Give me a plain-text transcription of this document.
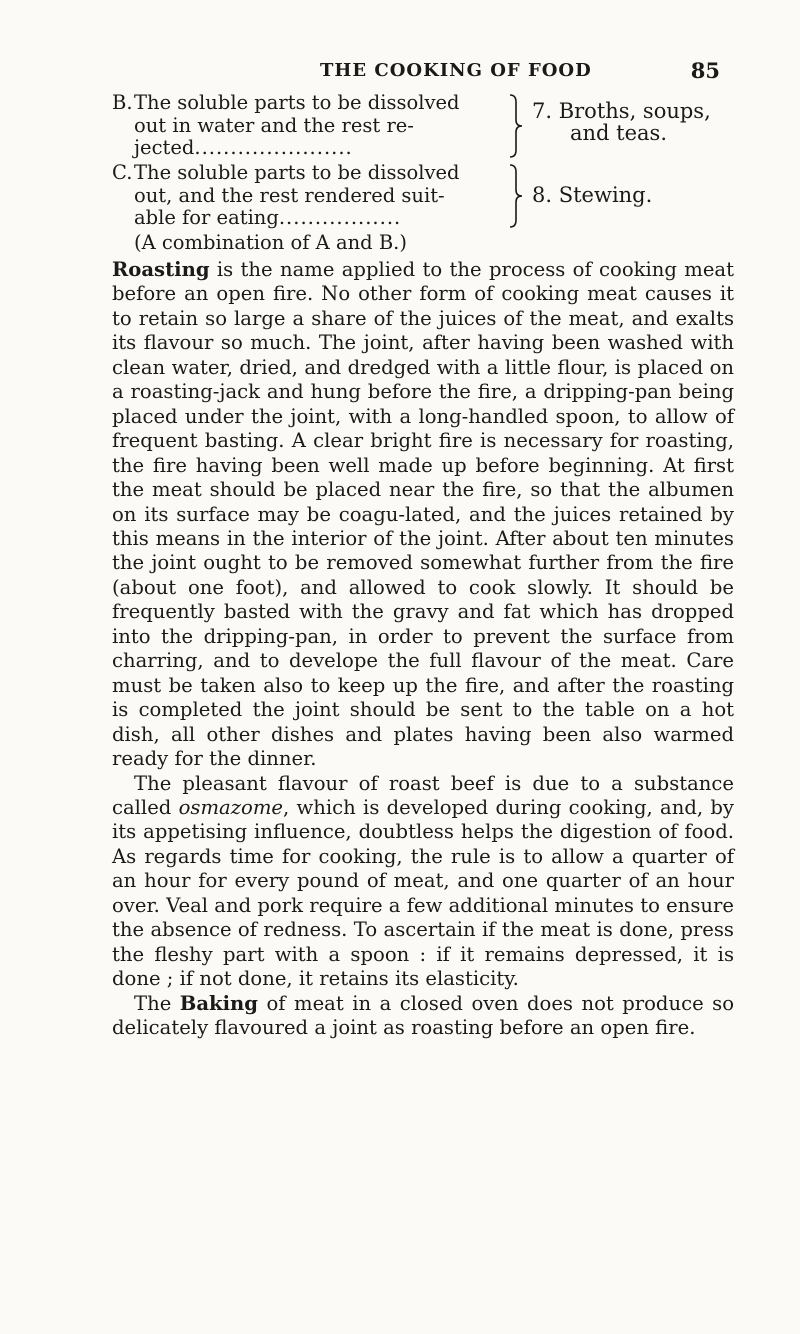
THE COOKING OF FOOD	85
B.The soluble parts to be dissolved
out in water and the rest re-
jected......................
7. Broths, soups,
and teas.
C.The soluble parts to be dissolved
out, and the rest rendered suit-
able for eating.................
8. Stewing.
(A combination of A and B.)

Roasting is the name applied to the process of cooking meat before an open fire. No other form of cooking meat causes it to retain so large a share of the juices of the meat, and exalts its flavour so much. The joint, after having been washed with clean water, dried, and dredged with a little flour, is placed on a roasting-jack and hung before the fire, a dripping-pan being placed under the joint, with a long-handled spoon, to allow of frequent basting. A clear bright fire is necessary for roasting, the fire having been well made up before beginning. At first the meat should be placed near the fire, so that the albumen on its surface may be coagu-lated, and the juices retained by this means in the interior of the joint. After about ten minutes the joint ought to be removed somewhat further from the fire (about one foot), and allowed to cook slowly. It should be frequently basted with the gravy and fat which has dropped into the dripping-pan, in order to prevent the surface from charring, and to develope the full flavour of the meat. Care must be taken also to keep up the fire, and after the roasting is completed the joint should be sent to the table on a hot dish, all other dishes and plates having been also warmed ready for the dinner.

The pleasant flavour of roast beef is due to a substance called osmazome, which is developed during cooking, and, by its appetising influence, doubtless helps the digestion of food. As regards time for cooking, the rule is to allow a quarter of an hour for every pound of meat, and one quarter of an hour over. Veal and pork require a few additional minutes to ensure the absence of redness. To ascertain if the meat is done, press the fleshy part with a spoon : if it remains depressed, it is done ; if not done, it retains its elasticity.

The Baking of meat in a closed oven does not produce so delicately flavoured a joint as roasting before an open fire.
